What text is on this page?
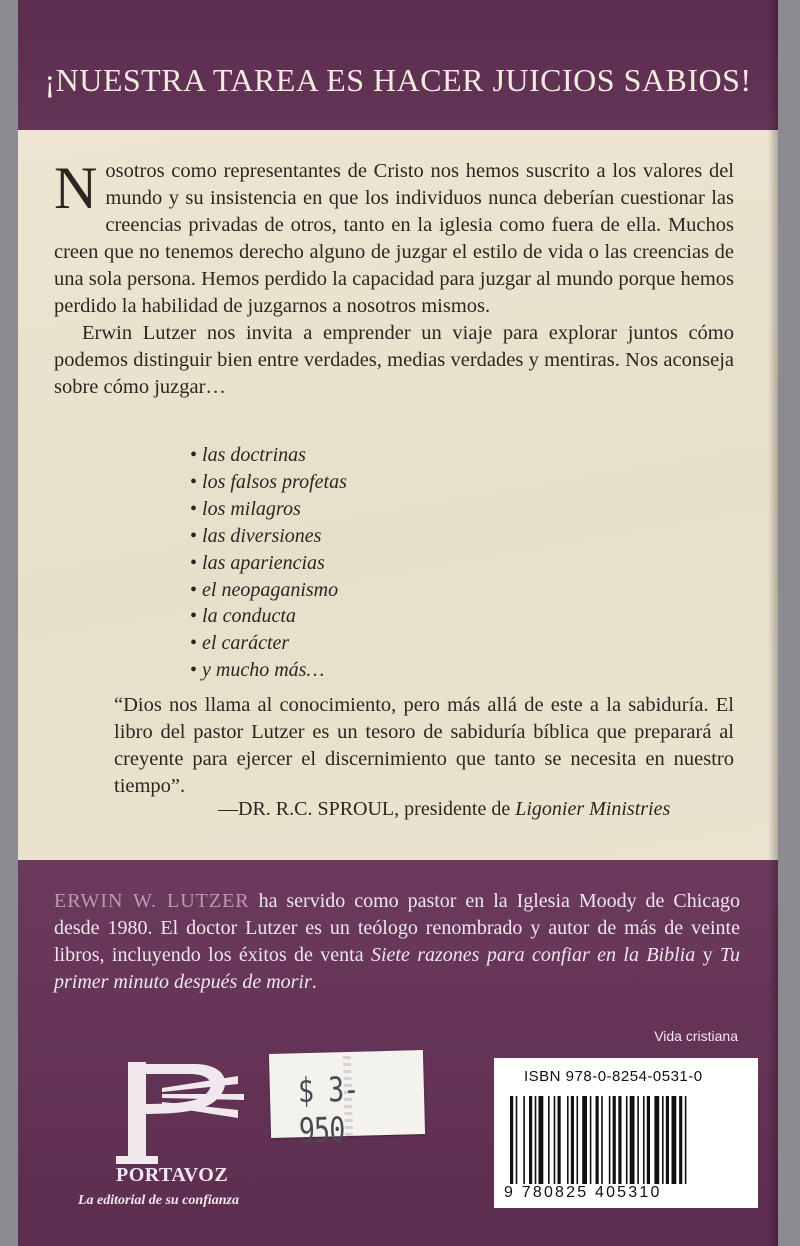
¡NUESTRA TAREA ES HACER JUICIOS SABIOS!

Nosotros como representantes de Cristo nos hemos suscrito a los valores del mundo y su insistencia en que los individuos nunca deberían cuestionar las creencias privadas de otros, tanto en la iglesia como fuera de ella. Muchos creen que no tenemos derecho alguno de juzgar el estilo de vida o las creencias de una sola persona. Hemos perdido la capacidad para juzgar al mundo porque hemos perdido la habilidad de juzgarnos a nosotros mismos.

Erwin Lutzer nos invita a emprender un viaje para explorar juntos cómo podemos distinguir bien entre verdades, medias verdades y mentiras. Nos aconseja sobre cómo juzgar…

• las doctrinas
• los falsos profetas
• los milagros
• las diversiones
• las apariencias
• el neopaganismo
• la conducta
• el carácter
• y mucho más…

“Dios nos llama al conocimiento, pero más allá de este a la sabiduría. El libro del pastor Lutzer es un tesoro de sabiduría bíblica que preparará al creyente para ejercer el discernimiento que tanto se necesita en nuestro tiempo”.

—DR. R.C. SPROUL, presidente de Ligonier Ministries
ERWIN W. LUTZER ha servido como pastor en la Iglesia Moody de Chicago desde 1980. El doctor Lutzer es un teólogo renombrado y autor de más de veinte libros, incluyendo los éxitos de venta Siete razones para confiar en la Biblia y Tu primer minuto después de morir.
Vida cristiana
PORTAVOZ
La editorial de su confianza
$ 3-950
ISBN 978-0-8254-0531-0
9 780825 405310
